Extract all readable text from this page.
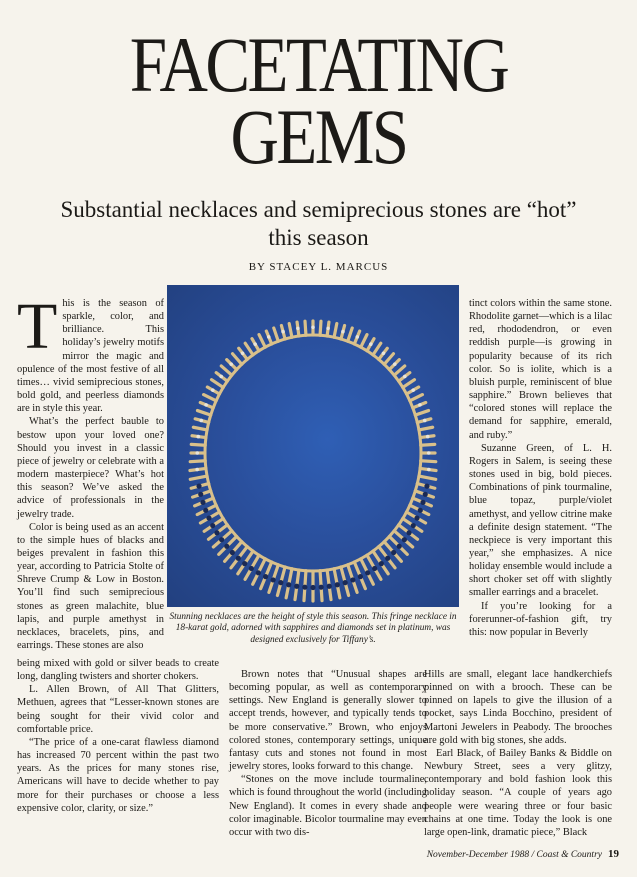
FACETATING
GEMS
Substantial necklaces and semiprecious stones are “hot” this season

BY STACEY L. MARCUS

This is the season of sparkle, color, and brilliance. This holiday’s jewelry motifs mirror the magic and opulence of the most festive of all times… vivid semiprecious stones, bold gold, and peerless diamonds are in style this year.

What’s the perfect bauble to bestow upon your loved one? Should you invest in a classic piece of jewelry or celebrate with a modern masterpiece? What’s hot this season? We’ve asked the advice of professionals in the jewelry trade.

Color is being used as an accent to the simple hues of blacks and beiges prevalent in fashion this year, according to Patricia Stolte of Shreve Crump & Low in Boston. You’ll find such semiprecious stones as green malachite, blue lapis, and purple amethyst in necklaces, bracelets, pins, and earrings. These stones are also

Stunning necklaces are the height of style this season. This fringe necklace in 18-karat gold, adorned with sapphires and diamonds set in platinum, was designed exclusively for Tiffany’s.

being mixed with gold or silver beads to create long, dangling twisters and shorter chokers.

L. Allen Brown, of All That Glitters, Methuen, agrees that “Lesser-known stones are being sought for their vivid color and comfortable price.

“The price of a one-carat flawless diamond has increased 70 percent within the past two years. As the prices for many stones rise, Americans will have to decide whether to pay more for their purchases or choose a less expensive color, clarity, or size.”

Brown notes that “Unusual shapes are becoming popular, as well as contemporary settings. New England is generally slower to accept trends, however, and typically tends to be more conservative.” Brown, who enjoys colored stones, contemporary settings, unique fantasy cuts and stones not found in most jewelry stores, looks forward to this change.

“Stones on the move include tourmaline, which is found throughout the world (including New England). It comes in every shade and color imaginable. Bicolor tourmaline may even occur with two dis-

tinct colors within the same stone. Rhodolite garnet—which is a lilac red, rhododendron, or even reddish purple—is growing in popularity because of its rich color. So is iolite, which is a bluish purple, reminiscent of blue sapphire.” Brown believes that “colored stones will replace the demand for sapphire, emerald, and ruby.”

Suzanne Green, of L. H. Rogers in Salem, is seeing these stones used in big, bold pieces. Combinations of pink tourmaline, blue topaz, purple/violet amethyst, and yellow citrine make a definite design statement. “The neckpiece is very important this year,” she emphasizes. A nice holiday ensemble would include a short choker set off with slightly smaller earrings and a bracelet.

If you’re looking for a forerunner-of-fashion gift, try this: now popular in Beverly

Hills are small, elegant lace handkerchiefs pinned on with a brooch. These can be pinned on lapels to give the illusion of a pocket, says Linda Bocchino, president of Martoni Jewelers in Peabody. The brooches are gold with big stones, she adds.

Earl Black, of Bailey Banks & Biddle on Newbury Street, sees a very glitzy, contemporary and bold fashion look this holiday season. “A couple of years ago people were wearing three or four basic chains at one time. Today the look is one large open-link, dramatic piece,” Black

November-December 1988 / Coast & Country 19
